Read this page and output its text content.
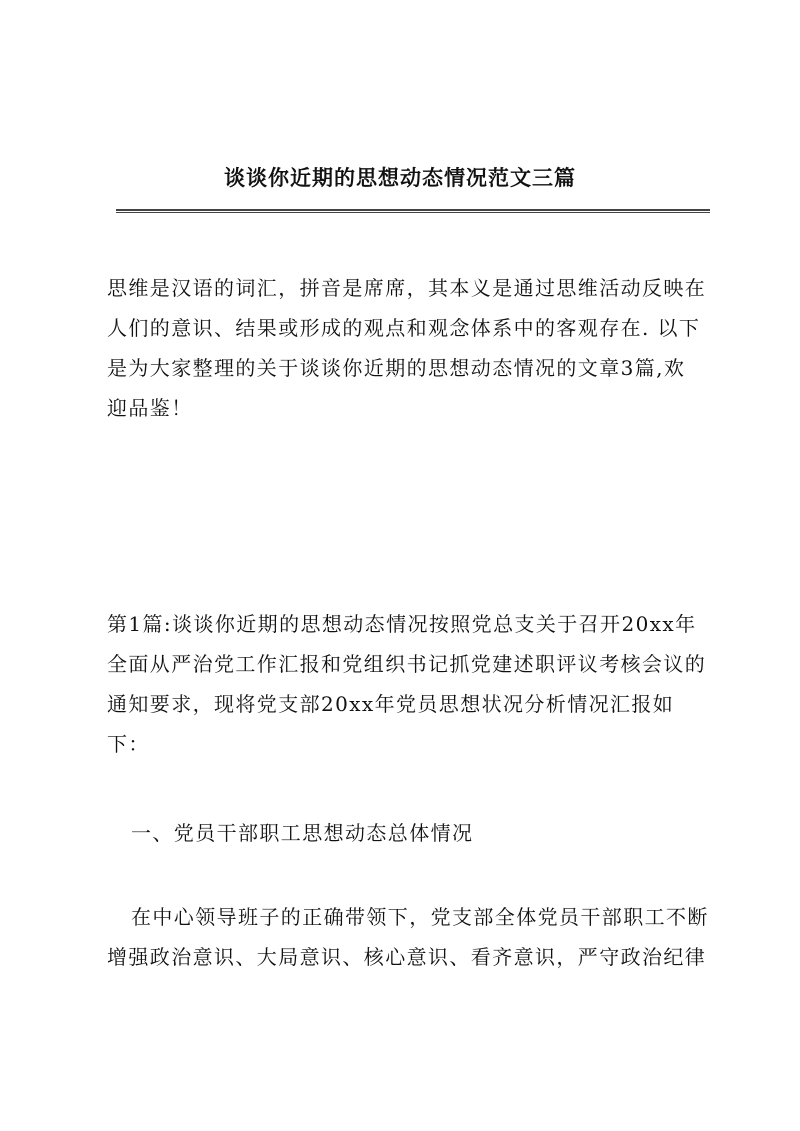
谈谈你近期的思想动态情况范文三篇
思维是汉语的词汇，拼音是席席，其本义是通过思维活动反映在
人们的意识、结果或形成的观点和观念体系中的客观存在. 以下
是为大家整理的关于谈谈你近期的思想动态情况的文章3篇,欢
迎品鉴！
第1篇:谈谈你近期的思想动态情况按照党总支关于召开20xx年
全面从严治党工作汇报和党组织书记抓党建述职评议考核会议的
通知要求，现将党支部20xx年党员思想状况分析情况汇报如
下：
一、党员干部职工思想动态总体情况
在中心领导班子的正确带领下，党支部全体党员干部职工不断
增强政治意识、大局意识、核心意识、看齐意识，严守政治纪律
